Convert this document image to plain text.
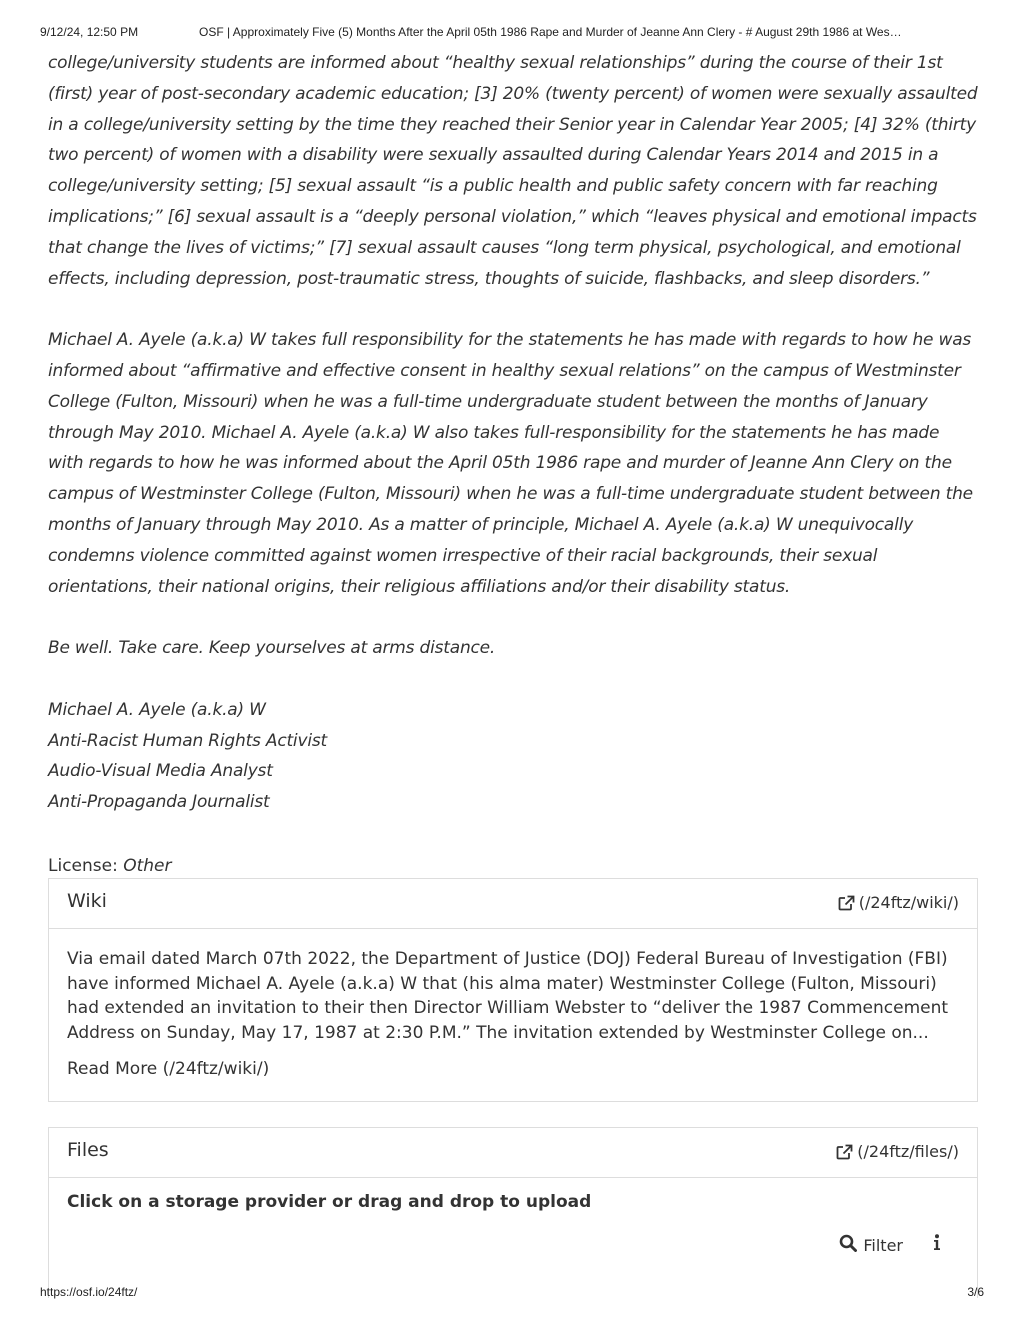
9/12/24, 12:50 PM	OSF | Approximately Five (5) Months After the April 05th 1986 Rape and Murder of Jeanne Ann Clery - # August 29th 1986 at Wes…

college/university students are informed about “healthy sexual relationships” during the course of their 1st (first) year of post-secondary academic education; [3] 20% (twenty percent) of women were sexually assaulted in a college/university setting by the time they reached their Senior year in Calendar Year 2005; [4] 32% (thirty two percent) of women with a disability were sexually assaulted during Calendar Years 2014 and 2015 in a college/university setting; [5] sexual assault “is a public health and public safety concern with far reaching implications;” [6] sexual assault is a “deeply personal violation,” which “leaves physical and emotional impacts that change the lives of victims;” [7] sexual assault causes “long term physical, psychological, and emotional effects, including depression, post-traumatic stress, thoughts of suicide, flashbacks, and sleep disorders.”

Michael A. Ayele (a.k.a) W takes full responsibility for the statements he has made with regards to how he was informed about “affirmative and effective consent in healthy sexual relations” on the campus of Westminster College (Fulton, Missouri) when he was a full-time undergraduate student between the months of January through May 2010. Michael A. Ayele (a.k.a) W also takes full-responsibility for the statements he has made with regards to how he was informed about the April 05th 1986 rape and murder of Jeanne Ann Clery on the campus of Westminster College (Fulton, Missouri) when he was a full-time undergraduate student between the months of January through May 2010. As a matter of principle, Michael A. Ayele (a.k.a) W unequivocally condemns violence committed against women irrespective of their racial backgrounds, their sexual orientations, their national origins, their religious affiliations and/or their disability status.

Be well. Take care. Keep yourselves at arms distance.

Michael A. Ayele (a.k.a) W

Anti-Racist Human Rights Activist

Audio-Visual Media Analyst

Anti-Propaganda Journalist

License: Other
Wiki	(/24ftz/wiki/)

Via email dated March 07th 2022, the Department of Justice (DOJ) Federal Bureau of Investigation (FBI) have informed Michael A. Ayele (a.k.a) W that (his alma mater) Westminster College (Fulton, Missouri) had extended an invitation to their then Director William Webster to “deliver the 1987 Commencement Address on Sunday, May 17, 1987 at 2:30 P.M.” The invitation extended by Westminster College on...

Read More (/24ftz/wiki/)
Files	(/24ftz/files/)
Click on a storage provider or drag and drop to upload
Filter
https://osf.io/24ftz/	3/6
